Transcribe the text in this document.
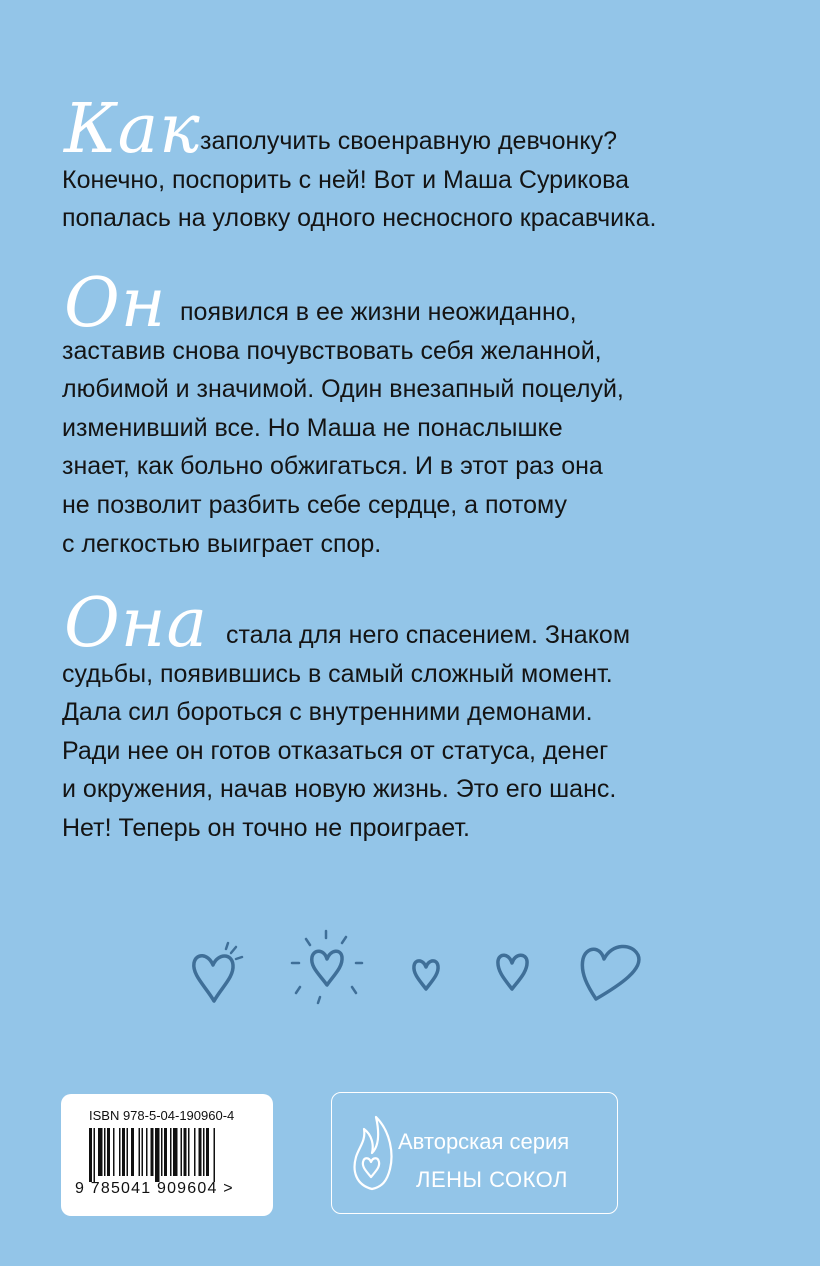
Как заполучить своенравную девчонку?
Конечно, поспорить с ней! Вот и Маша Сурикова
попалась на уловку одного несносного красавчика.
Он появился в ее жизни неожиданно,
заставив снова почувствовать себя желанной,
любимой и значимой. Один внезапный поцелуй,
изменивший все. Но Маша не понаслышке
знает, как больно обжигаться. И в этот раз она
не позволит разбить себе сердце, а потому
с легкостью выиграет спор.
Она стала для него спасением. Знаком
судьбы, появившись в самый сложный момент.
Дала сил бороться с внутренними демонами.
Ради нее он готов отказаться от статуса, денег
и окружения, начав новую жизнь. Это его шанс.
Нет! Теперь он точно не проиграет.
ISBN 978-5-04-190960-4
9 785041 909604 >
Авторская серия
ЛЕНЫ СОКОЛ
